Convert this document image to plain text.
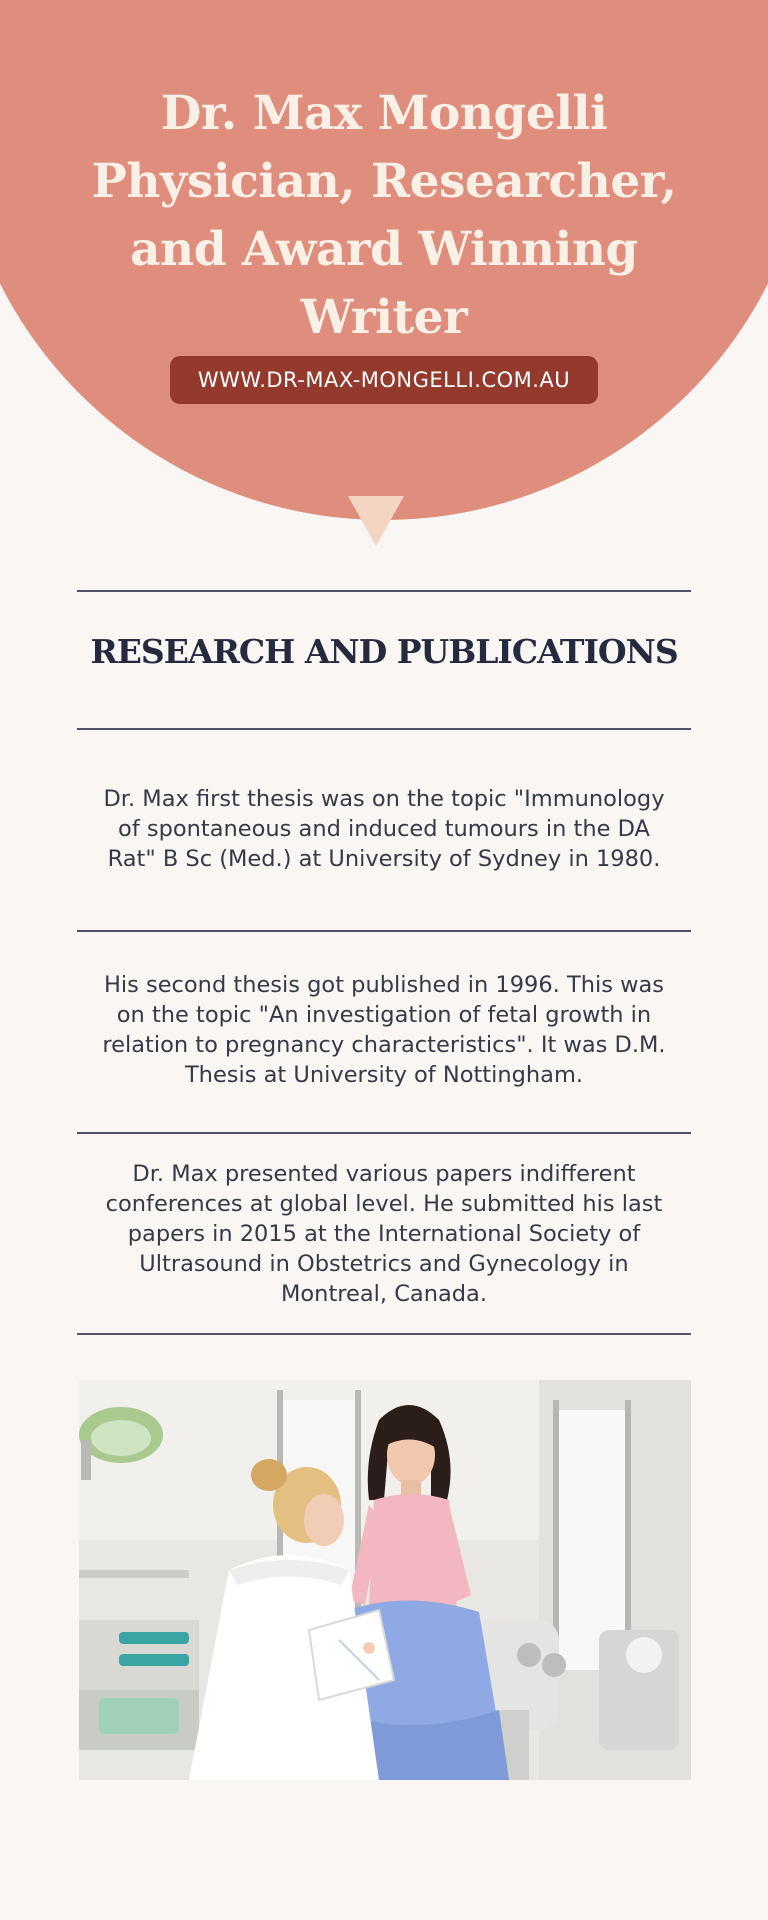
Dr. Max Mongelli
Physician, Researcher,
and Award Winning
Writer
WWW.DR-MAX-MONGELLI.COM.AU
RESEARCH AND PUBLICATIONS

Dr. Max first thesis was on the topic "Immunology
of spontaneous and induced tumours in the DA
Rat" B Sc (Med.) at University of Sydney in 1980.

His second thesis got published in 1996. This was
on the topic "An investigation of fetal growth in
relation to pregnancy characteristics". It was D.M.
Thesis at University of Nottingham.

Dr. Max presented various papers indifferent
conferences at global level. He submitted his last
papers in 2015 at the International Society of
Ultrasound in Obstetrics and Gynecology in
Montreal, Canada.
